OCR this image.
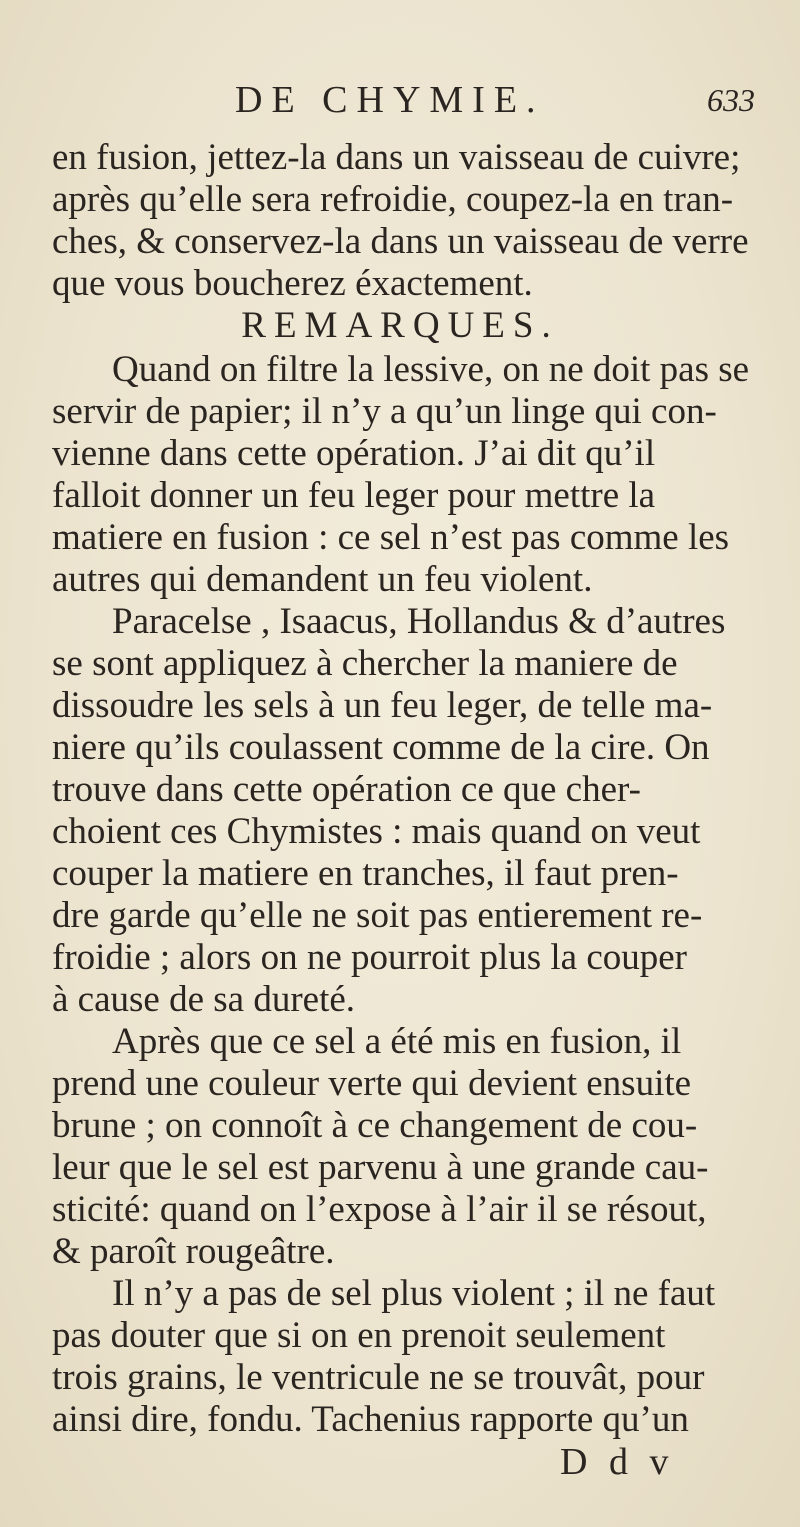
DE CHYMIE.	633
en fusion, jettez-la dans un vaisseau de cuivre;
après qu’elle sera refroidie, coupez-la en tran-
ches, & conservez-la dans un vaisseau de verre
que vous boucherez éxactement.
REMARQUES.
Quand on filtre la lessive, on ne doit pas se
servir de papier; il n’y a qu’un linge qui con-
vienne dans cette opération. J’ai dit qu’il
falloit donner un feu leger pour mettre la
matiere en fusion : ce sel n’est pas comme les
autres qui demandent un feu violent.
Paracelse , Isaacus, Hollandus & d’autres
se sont appliquez à chercher la maniere de
dissoudre les sels à un feu leger, de telle ma-
niere qu’ils coulassent comme de la cire. On
trouve dans cette opération ce que cher-
choient ces Chymistes : mais quand on veut
couper la matiere en tranches, il faut pren-
dre garde qu’elle ne soit pas entierement re-
froidie ; alors on ne pourroit plus la couper
à cause de sa dureté.
Après que ce sel a été mis en fusion, il
prend une couleur verte qui devient ensuite
brune ; on connoît à ce changement de cou-
leur que le sel est parvenu à une grande cau-
sticité: quand on l’expose à l’air il se résout,
& paroît rougeâtre.
Il n’y a pas de sel plus violent ; il ne faut
pas douter que si on en prenoit seulement
trois grains, le ventricule ne se trouvât, pour
ainsi dire, fondu. Tachenius rapporte qu’un
D d v
